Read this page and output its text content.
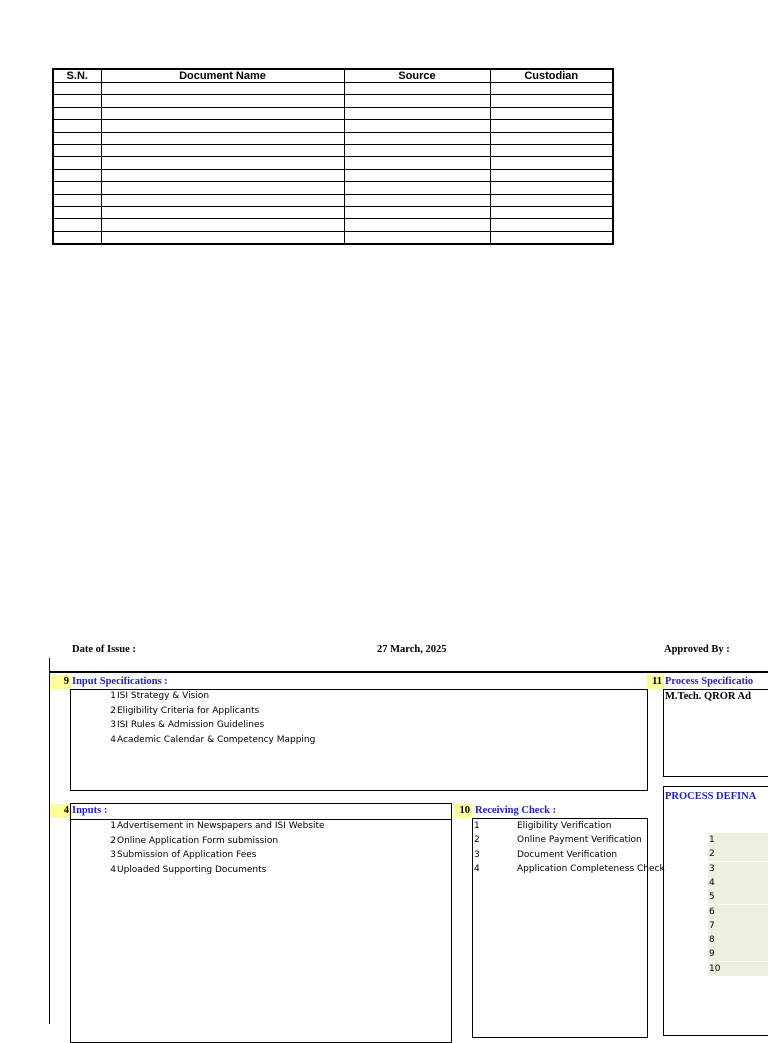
S.N.	Document Name	Source	Custodian

Date of Issue :	27 March, 2025	Approved By :
9 Input Specifications :
1ISI Strategy & Vision
2Eligibility Criteria for Applicants
3ISI Rules & Admission Guidelines
4Academic Calendar & Competency Mapping
11 Process Specificatio
M.Tech. QROR Ad
4 Inputs :
1Advertisement in Newspapers and ISI Website
2Online Application Form submission
3Submission of Application Fees
4Uploaded Supporting Documents
10 Receiving Check :
1	Eligibility Verification
2	Online Payment Verification
3	Document Verification
4	Application Completeness Check
PROCESS DEFINA
1
2
3
4
5
6
7
8
9
10
